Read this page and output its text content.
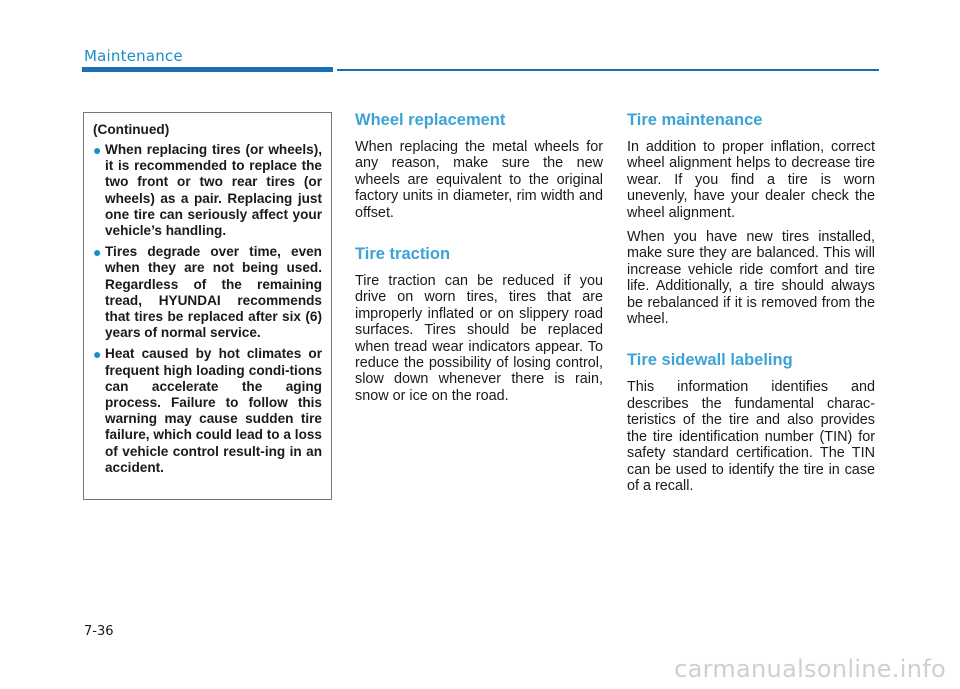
Maintenance

(Continued)

● When replacing tires (or wheels), it is recommended to replace the two front or two rear tires (or wheels) as a pair. Replacing just one tire can seriously affect your vehicle’s handling.
● Tires degrade over time, even when they are not being used. Regardless of the remaining tread, HYUNDAI recommends that tires be replaced after six (6) years of normal service.
● Heat caused by hot climates or frequent high loading condi-tions can accelerate the aging process. Failure to follow this warning may cause sudden tire failure, which could lead to a loss of vehicle control result-ing in an accident.
Wheel replacement

When replacing the metal wheels for any reason, make sure the new wheels are equivalent to the original factory units in diameter, rim width and offset.

Tire traction

Tire traction can be reduced if you drive on worn tires, tires that are improperly inflated or on slippery road surfaces. Tires should be replaced when tread wear indicators appear. To reduce the possibility of losing control, slow down whenever there is rain, snow or ice on the road.

Tire maintenance

In addition to proper inflation, correct wheel alignment helps to decrease tire wear. If you find a tire is worn unevenly, have your dealer check the wheel alignment.

When you have new tires installed, make sure they are balanced. This will increase vehicle ride comfort and tire life. Additionally, a tire should always be rebalanced if it is removed from the wheel.

Tire sidewall labeling

This information identifies and describes the fundamental charac-teristics of the tire and also provides the tire identification number (TIN) for safety standard certification. The TIN can be used to identify the tire in case of a recall.

7-36
carmanualsonline.info
